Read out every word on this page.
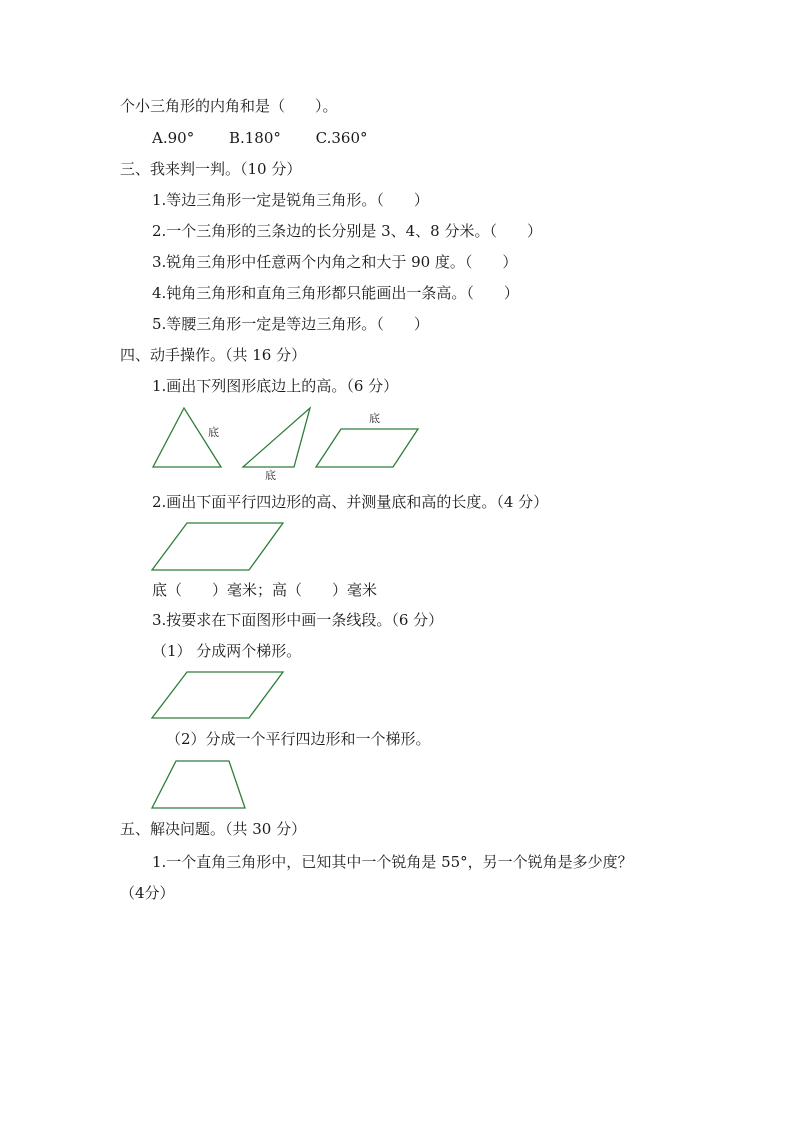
个小三角形的内角和是（　　）。
A.90° B.180° C.360°
三、我来判一判。（10 分）
1.等边三角形一定是锐角三角形。（　　）
2.一个三角形的三条边的长分别是 3、4、8 分米。（　　）
3.锐角三角形中任意两个内角之和大于 90 度。（　　）
4.钝角三角形和直角三角形都只能画出一条高。（　　）
5.等腰三角形一定是等边三角形。（　　）
四、动手操作。（共 16 分）
1.画出下列图形底边上的高。（6 分）
底
底
底
2.画出下面平行四边形的高、并测量底和高的长度。（4 分）
底（　　）毫米；高（　　）毫米
3.按要求在下面图形中画一条线段。（6 分）
（1） 分成两个梯形。
（2）分成一个平行四边形和一个梯形。
五、解决问题。（共 30 分）
1.一个直角三角形中，已知其中一个锐角是 55°，另一个锐角是多少度？
（4分）
